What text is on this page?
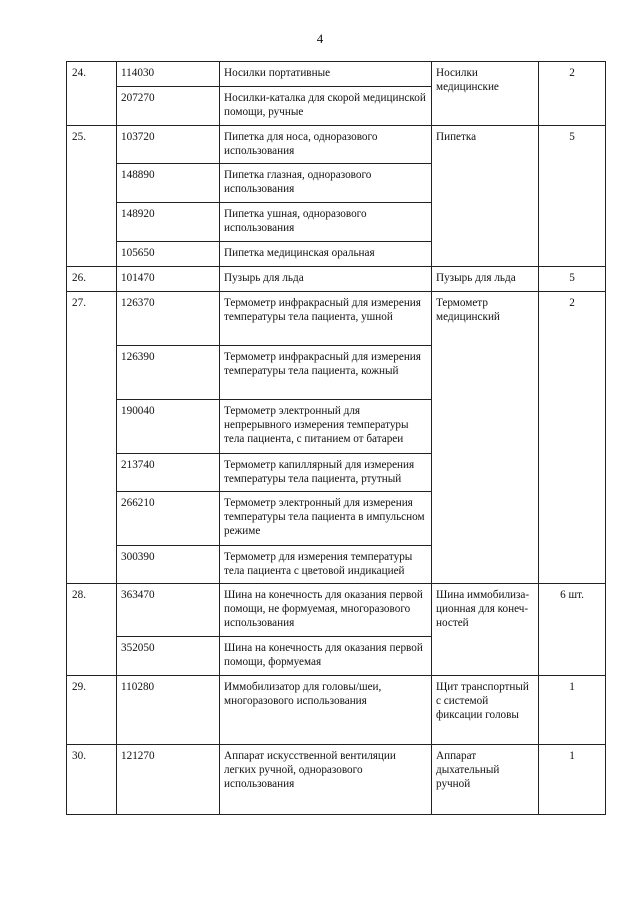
4
24.	114030	Носилки портативные	Носилки медицинские	2
	207270	Носилки-каталка для скорой медицинской помощи, ручные		
25.	103720	Пипетка для носа, одноразового использования	Пипетка	5
	148890	Пипетка глазная, одноразового использования		
	148920	Пипетка ушная, одноразового использования		
	105650	Пипетка медицинская оральная		
26.	101470	Пузырь для льда	Пузырь для льда	5
27.	126370	Термометр инфракрасный для измерения температуры тела пациента, ушной	Термометр медицинский	2
	126390	Термометр инфракрасный для измерения температуры тела пациента, кожный		
	190040	Термометр электронный для непрерывного измерения температуры тела пациента, с питанием от батареи		
	213740	Термометр капиллярный для измерения температуры тела пациента, ртутный		
	266210	Термометр электронный для измерения температуры тела пациента в импульсном режиме		
	300390	Термометр для измерения температуры тела пациента с цветовой индикацией		
28.	363470	Шина на конечность для оказания первой помощи, не формуемая, многоразового использования	Шина иммобилиза- ционная для конеч- ностей	6 шт.
	352050	Шина на конечность для оказания первой помощи, формуемая		
29.	110280	Иммобилизатор для головы/шеи, многоразового использования	Щит транспортный с системой фиксации головы	1
30.	121270	Аппарат искусственной вентиляции легких ручной, одноразового использования	Аппарат дыхательный ручной	1
